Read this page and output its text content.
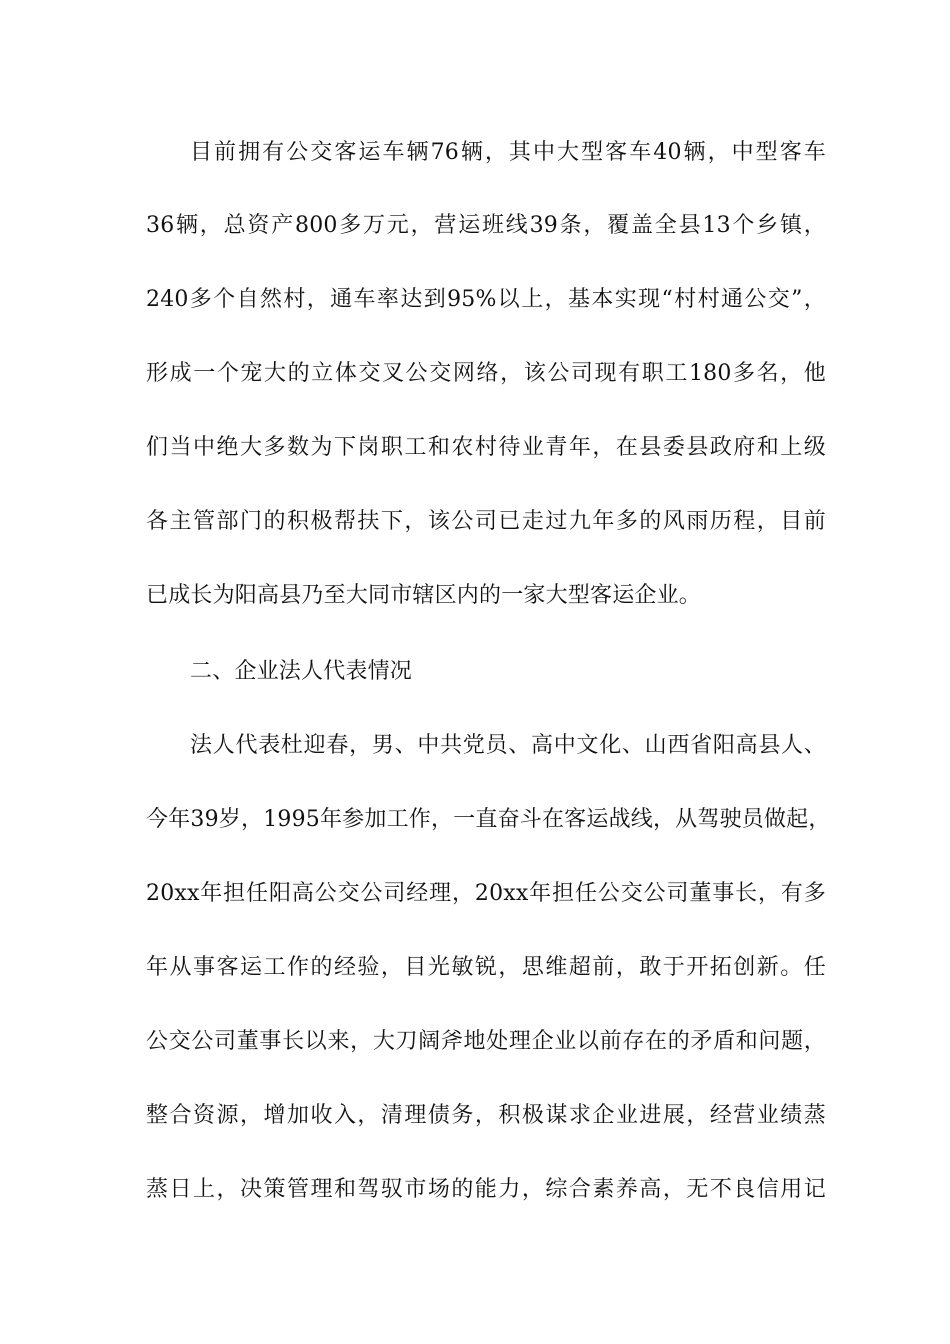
目前拥有公交客运车辆76辆，其中大型客车40辆，中型客车
36辆，总资产800多万元，营运班线39条，覆盖全县13个乡镇，
240多个自然村，通车率达到95%以上，基本实现“村村通公交”，
形成一个宠大的立体交叉公交网络，该公司现有职工180多名，他
们当中绝大多数为下岗职工和农村待业青年，在县委县政府和上级
各主管部门的积极帮扶下，该公司已走过九年多的风雨历程，目前
已成长为阳高县乃至大同市辖区内的一家大型客运企业。
二、企业法人代表情况
法人代表杜迎春，男、中共党员、高中文化、山西省阳高县人、
今年39岁，1995年参加工作，一直奋斗在客运战线，从驾驶员做起，
20xx年担任阳高公交公司经理，20xx年担任公交公司董事长，有多
年从事客运工作的经验，目光敏锐，思维超前，敢于开拓创新。任
公交公司董事长以来，大刀阔斧地处理企业以前存在的矛盾和问题，
整合资源，增加收入，清理债务，积极谋求企业进展，经营业绩蒸
蒸日上，决策管理和驾驭市场的能力，综合素养高，无不良信用记
